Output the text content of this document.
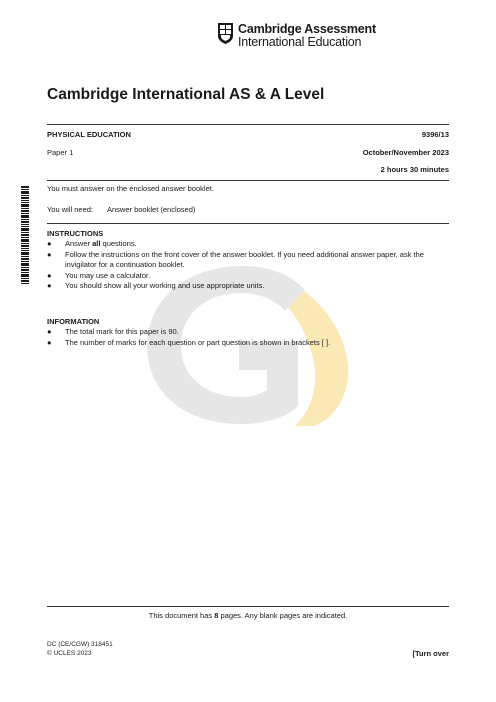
Cambridge Assessment
International Education
Cambridge International AS & A Level
PHYSICAL EDUCATION	9396/13
Paper 1	October/November 2023
2 hours 30 minutes
You must answer on the enclosed answer booklet.
You will need: Answer booklet (enclosed)
INSTRUCTIONS
● Answer all questions.
● Follow the instructions on the front cover of the answer booklet. If you need additional answer paper, ask the invigilator for a continuation booklet.
● You may use a calculator.
● You should show all your working and use appropriate units.
INFORMATION
● The total mark for this paper is 90.
● The number of marks for each question or part question is shown in brackets [ ].
This document has 8 pages. Any blank pages are indicated.
DC (CE/CGW) 318451
© UCLES 2023	[Turn over
